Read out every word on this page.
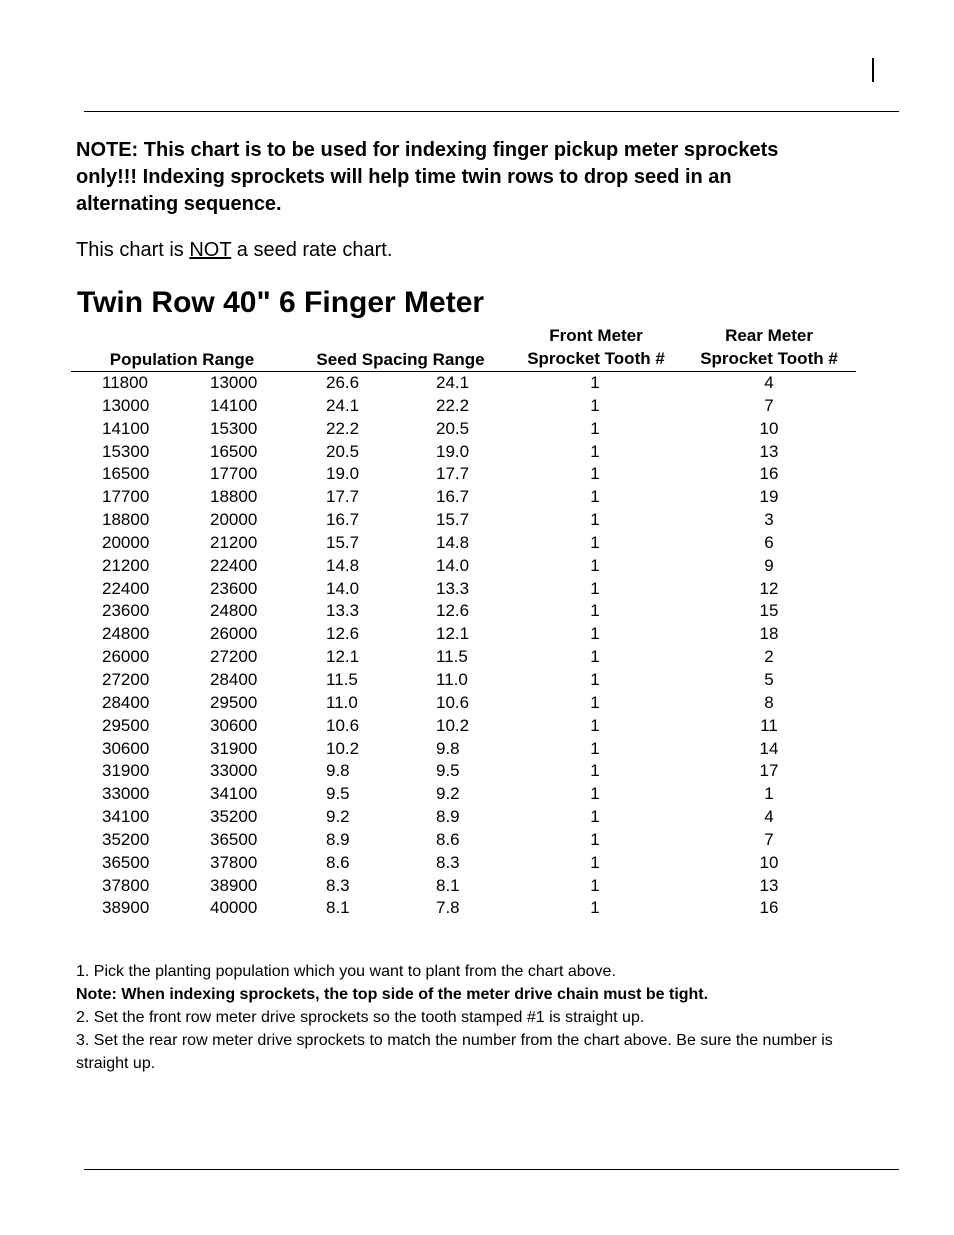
NOTE: This chart is to be used for indexing finger pickup meter sprockets only!!! Indexing sprockets will help time twin rows to drop seed in an alternating sequence.
This chart is NOT a seed rate chart.
Twin Row 40" 6 Finger Meter
Population Range	Seed Spacing Range
Front Meter
Sprocket Tooth #
Rear Meter
Sprocket Tooth #
11800	13000	26.6	24.1	1	4
13000	14100	24.1	22.2	1	7
14100	15300	22.2	20.5	1	10
15300	16500	20.5	19.0	1	13
16500	17700	19.0	17.7	1	16
17700	18800	17.7	16.7	1	19
18800	20000	16.7	15.7	1	3
20000	21200	15.7	14.8	1	6
21200	22400	14.8	14.0	1	9
22400	23600	14.0	13.3	1	12
23600	24800	13.3	12.6	1	15
24800	26000	12.6	12.1	1	18
26000	27200	12.1	11.5	1	2
27200	28400	11.5	11.0	1	5
28400	29500	11.0	10.6	1	8
29500	30600	10.6	10.2	1	11
30600	31900	10.2	9.8	1	14
31900	33000	9.8	9.5	1	17
33000	34100	9.5	9.2	1	1
34100	35200	9.2	8.9	1	4
35200	36500	8.9	8.6	1	7
36500	37800	8.6	8.3	1	10
37800	38900	8.3	8.1	1	13
38900	40000	8.1	7.8	1	16

1. Pick the planting population which you want to plant from the chart above.

Note: When indexing sprockets, the top side of the meter drive chain must be tight.

2. Set the front row meter drive sprockets so the tooth stamped #1 is straight up.

3. Set the rear row meter drive sprockets to match the number from the chart above. Be sure the number is straight up.
